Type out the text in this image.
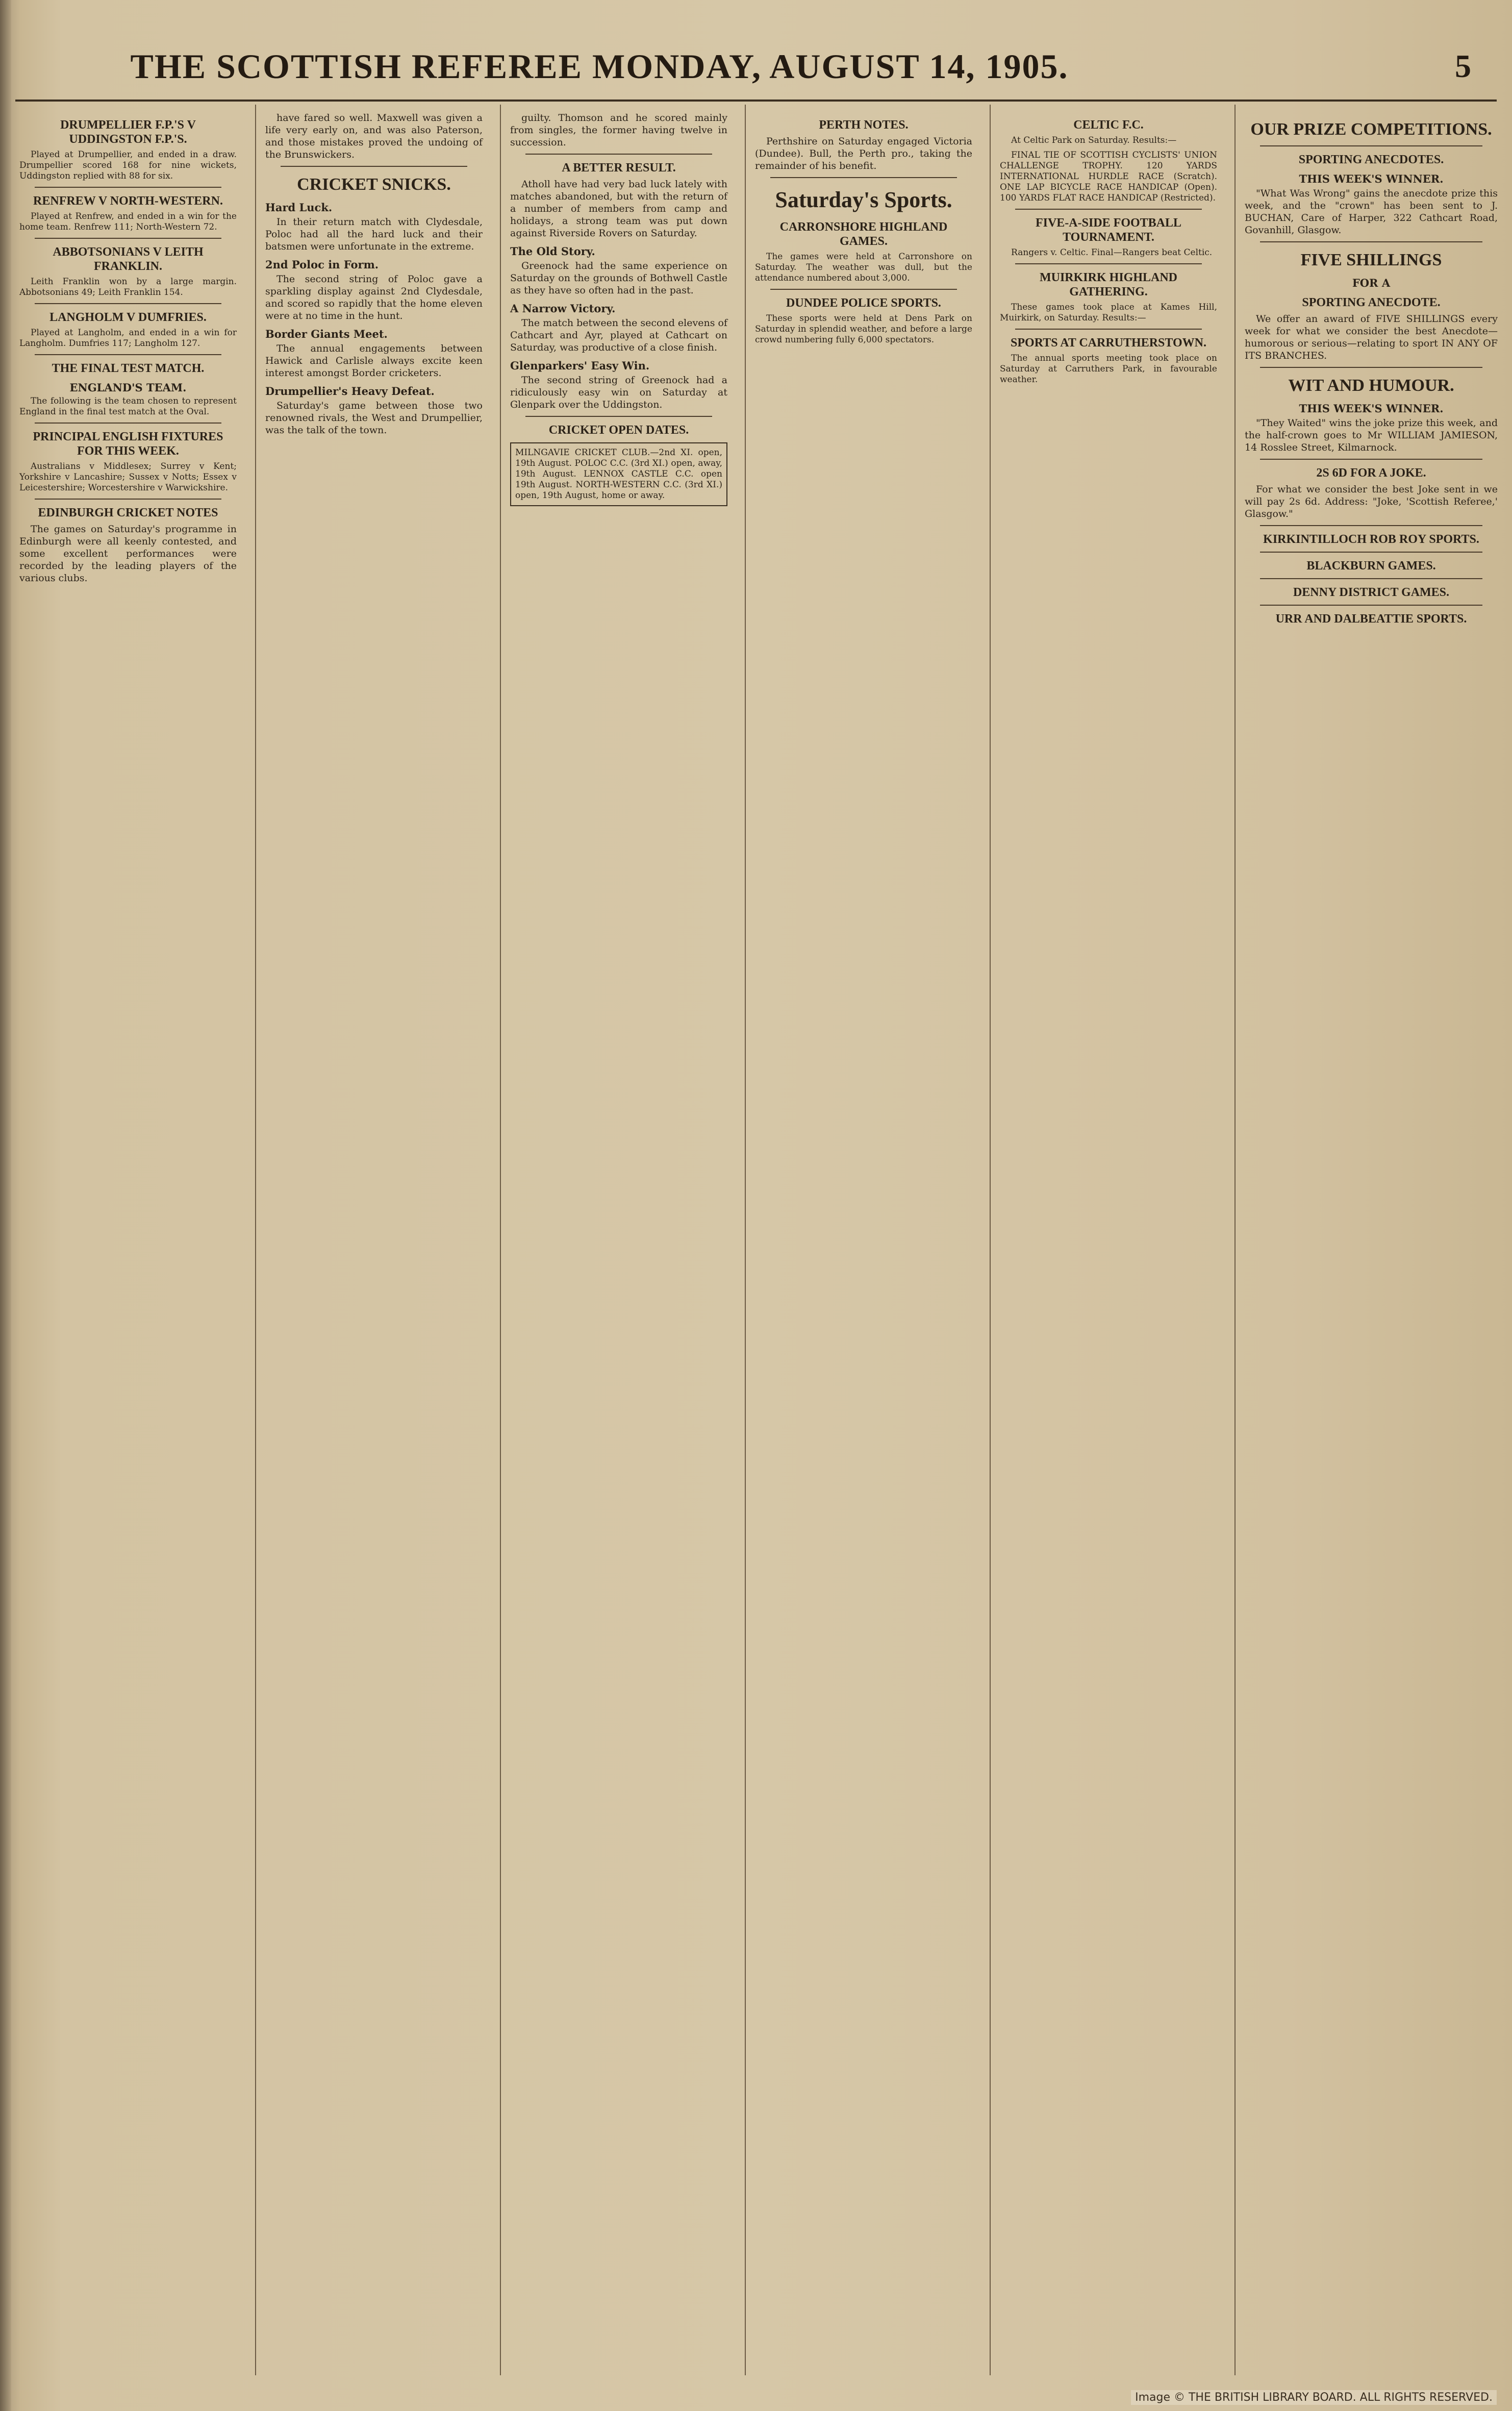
THE SCOTTISH REFEREE MONDAY, AUGUST 14, 1905.	5
DRUMPELLIER F.P.'S V UDDINGSTON F.P.'S.
Played at Drumpellier, and ended in a draw. Drumpellier scored 168 for nine wickets, Uddingston replied with 88 for six.
RENFREW V NORTH-WESTERN.
Played at Renfrew, and ended in a win for the home team. Renfrew 111; North-Western 72.
ABBOTSONIANS V LEITH FRANKLIN.
Leith Franklin won by a large margin. Abbotsonians 49; Leith Franklin 154.
LANGHOLM V DUMFRIES.
Played at Langholm, and ended in a win for Langholm. Dumfries 117; Langholm 127.
THE FINAL TEST MATCH.
ENGLAND'S TEAM.
The following is the team chosen to represent England in the final test match at the Oval.
PRINCIPAL ENGLISH FIXTURES FOR THIS WEEK.
Australians v Middlesex; Surrey v Kent; Yorkshire v Lancashire; Sussex v Notts; Essex v Leicestershire; Worcestershire v Warwickshire.
EDINBURGH CRICKET NOTES
The games on Saturday's programme in Edinburgh were all keenly contested, and some excellent performances were recorded by the leading players of the various clubs.
have fared so well. Maxwell was given a life very early on, and was also Paterson, and those mistakes proved the undoing of the Brunswickers.
CRICKET SNICKS.
Hard Luck.
In their return match with Clydesdale, Poloc had all the hard luck and their batsmen were unfortunate in the extreme.
2nd Poloc in Form.
The second string of Poloc gave a sparkling display against 2nd Clydesdale, and scored so rapidly that the home eleven were at no time in the hunt.
Border Giants Meet.
The annual engagements between Hawick and Carlisle always excite keen interest amongst Border cricketers.
Drumpellier's Heavy Defeat.
Saturday's game between those two renowned rivals, the West and Drumpellier, was the talk of the town.
guilty. Thomson and he scored mainly from singles, the former having twelve in succession.
A BETTER RESULT.
Atholl have had very bad luck lately with matches abandoned, but with the return of a number of members from camp and holidays, a strong team was put down against Riverside Rovers on Saturday.
The Old Story.
Greenock had the same experience on Saturday on the grounds of Bothwell Castle as they have so often had in the past.
A Narrow Victory.
The match between the second elevens of Cathcart and Ayr, played at Cathcart on Saturday, was productive of a close finish.
Glenparkers' Easy Win.
The second string of Greenock had a ridiculously easy win on Saturday at Glenpark over the Uddingston.
CRICKET OPEN DATES.
MILNGAVIE CRICKET CLUB.—2nd XI. open, 19th August. POLOC C.C. (3rd XI.) open, away, 19th August. LENNOX CASTLE C.C. open 19th August. NORTH-WESTERN C.C. (3rd XI.) open, 19th August, home or away.
PERTH NOTES.
Perthshire on Saturday engaged Victoria (Dundee). Bull, the Perth pro., taking the remainder of his benefit.
Saturday's Sports.
CARRONSHORE HIGHLAND GAMES.
The games were held at Carronshore on Saturday. The weather was dull, but the attendance numbered about 3,000.
DUNDEE POLICE SPORTS.
These sports were held at Dens Park on Saturday in splendid weather, and before a large crowd numbering fully 6,000 spectators.
CELTIC F.C.
At Celtic Park on Saturday. Results:—
FINAL TIE OF SCOTTISH CYCLISTS' UNION CHALLENGE TROPHY. 120 YARDS INTERNATIONAL HURDLE RACE (Scratch). ONE LAP BICYCLE RACE HANDICAP (Open). 100 YARDS FLAT RACE HANDICAP (Restricted).
FIVE-A-SIDE FOOTBALL TOURNAMENT.
Rangers v. Celtic. Final—Rangers beat Celtic.
MUIRKIRK HIGHLAND GATHERING.
These games took place at Kames Hill, Muirkirk, on Saturday. Results:—
SPORTS AT CARRUTHERSTOWN.
The annual sports meeting took place on Saturday at Carruthers Park, in favourable weather.
OUR PRIZE COMPETITIONS.
SPORTING ANECDOTES.
THIS WEEK'S WINNER.
"What Was Wrong" gains the anecdote prize this week, and the "crown" has been sent to J. BUCHAN, Care of Harper, 322 Cathcart Road, Govanhill, Glasgow.
FIVE SHILLINGS
FOR A
SPORTING ANECDOTE.
We offer an award of FIVE SHILLINGS every week for what we consider the best Anecdote—humorous or serious—relating to sport IN ANY OF ITS BRANCHES.
WIT AND HUMOUR.
THIS WEEK'S WINNER.
"They Waited" wins the joke prize this week, and the half-crown goes to Mr WILLIAM JAMIESON, 14 Rosslee Street, Kilmarnock.
2S 6D FOR A JOKE.
For what we consider the best Joke sent in we will pay 2s 6d. Address: "Joke, 'Scottish Referee,' Glasgow."
KIRKINTILLOCH ROB ROY SPORTS.
BLACKBURN GAMES.
DENNY DISTRICT GAMES.
URR AND DALBEATTIE SPORTS.
Image © THE BRITISH LIBRARY BOARD. ALL RIGHTS RESERVED.
